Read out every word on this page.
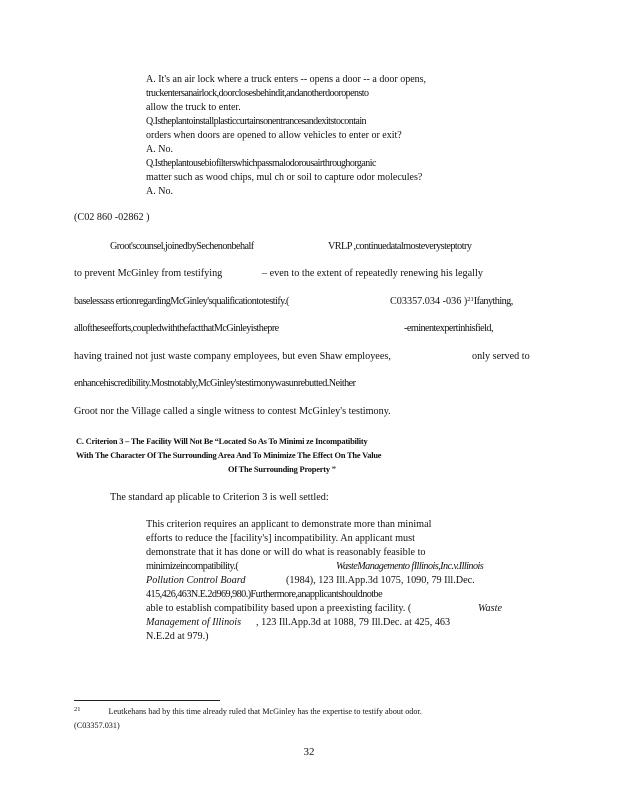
A. It's an air lock where a truck enters -- opens a door -- a door opens,
truckentersanairlock,doorclosesbehindit,andanotherdooropensto
allow the truck to enter.
Q.Istheplantoinstallplasticcurtainsonentrancesandexitstocontain
orders when doors are opened to allow vehicles to enter or exit?
A. No.
Q.Istheplantousebiofilterswhichpassmalodorousairthroughorganic
matter such as wood chips, mul ch or soil to capture odor molecules?
A. No.
(C02 860 -02862 )
Groot'scounsel,joinedbySechenonbehalf	VRLP ,continuedatalmosteverysteptotry
to prevent McGinley from testifying	– even to the extent of repeatedly renewing his legally
baselessass ertionregardingMcGinley'squalificationtotestify.(	C03357.034 -036 )$^{21}$Ifanything,
alloftheseefforts,coupledwiththefactthatMcGinleyisthepre	-eminentexpertinhisfield,
having trained not just waste company employees, but even Shaw employees,	only served to
enhancehiscredibility.Mostnotably,McGinley'stestimonywasunrebutted.Neither
Groot nor the Village called a single witness to contest McGinley's testimony.
C. Criterion 3 – The Facility Will Not Be “Located So As To Minimi ze Incompatibility
With The Character Of The Surrounding Area And To Minimize The Effect On The Value
Of The Surrounding Property ”
The standard ap plicable to Criterion 3 is well settled:
This criterion requires an applicant to demonstrate more than minimal
efforts to reduce the [facility's] incompatibility. An applicant must
demonstrate that it has done or will do what is reasonably feasible to
minimizeincompatibility.(	WasteManagemento fIllinois,Inc.v.Illinois
Pollution Control Board	(1984), 123 Ill.App.3d 1075, 1090, 79 Ill.Dec.
415,426,463N.E.2d969,980.)Furthermore,anapplicantshouldnotbe
able to establish compatibility based upon a preexisting facility. (	Waste
Management of Illinois , 123 Ill.App.3d at 1088, 79 Ill.Dec. at 425, 463
N.E.2d at 979.)
$^{21}$	Leutkehans had by this time already ruled that McGinley has the expertise to testify about odor.
(C03357.031)
32
